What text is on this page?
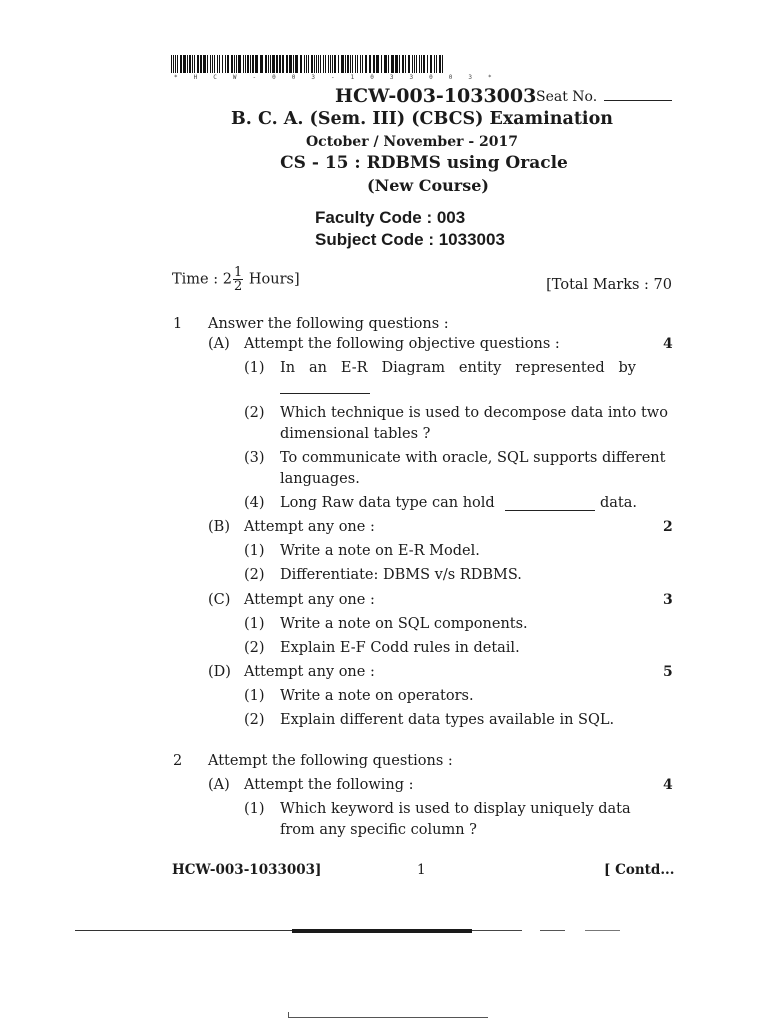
* H C W - 0 0 3 - 1 0 3 3 0 0 3 *
HCW-003-1033003 Seat No.
B. C. A. (Sem. III) (CBCS) Examination
October / November - 2017
CS - 15 : RDBMS using Oracle
(New Course)
Faculty Code : 003
Subject Code : 1033003
Time : $2 \frac{1}{2}$ Hours]	[Total Marks : 70
1 Answer the following questions :
(A) Attempt the following objective questions :	4
(1) In an E-R Diagram entity represented by
(2) Which technique is used to decompose data into two
dimensional tables ?
(3) To communicate with oracle, SQL supports different
languages.
(4) Long Raw data type can hold	data.
(B) Attempt any one :	2
(1) Write a note on E-R Model.
(2) Differentiate: DBMS v/s RDBMS.
(C) Attempt any one :	3
(1) Write a note on SQL components.
(2) Explain E-F Codd rules in detail.
(D) Attempt any one :	5
(1) Write a note on operators.
(2) Explain different data types available in SQL.
2 Attempt the following questions :
(A) Attempt the following :	4
(1) Which keyword is used to display uniquely data
from any specific column ?
HCW-003-1033003]	1	[ Contd...
